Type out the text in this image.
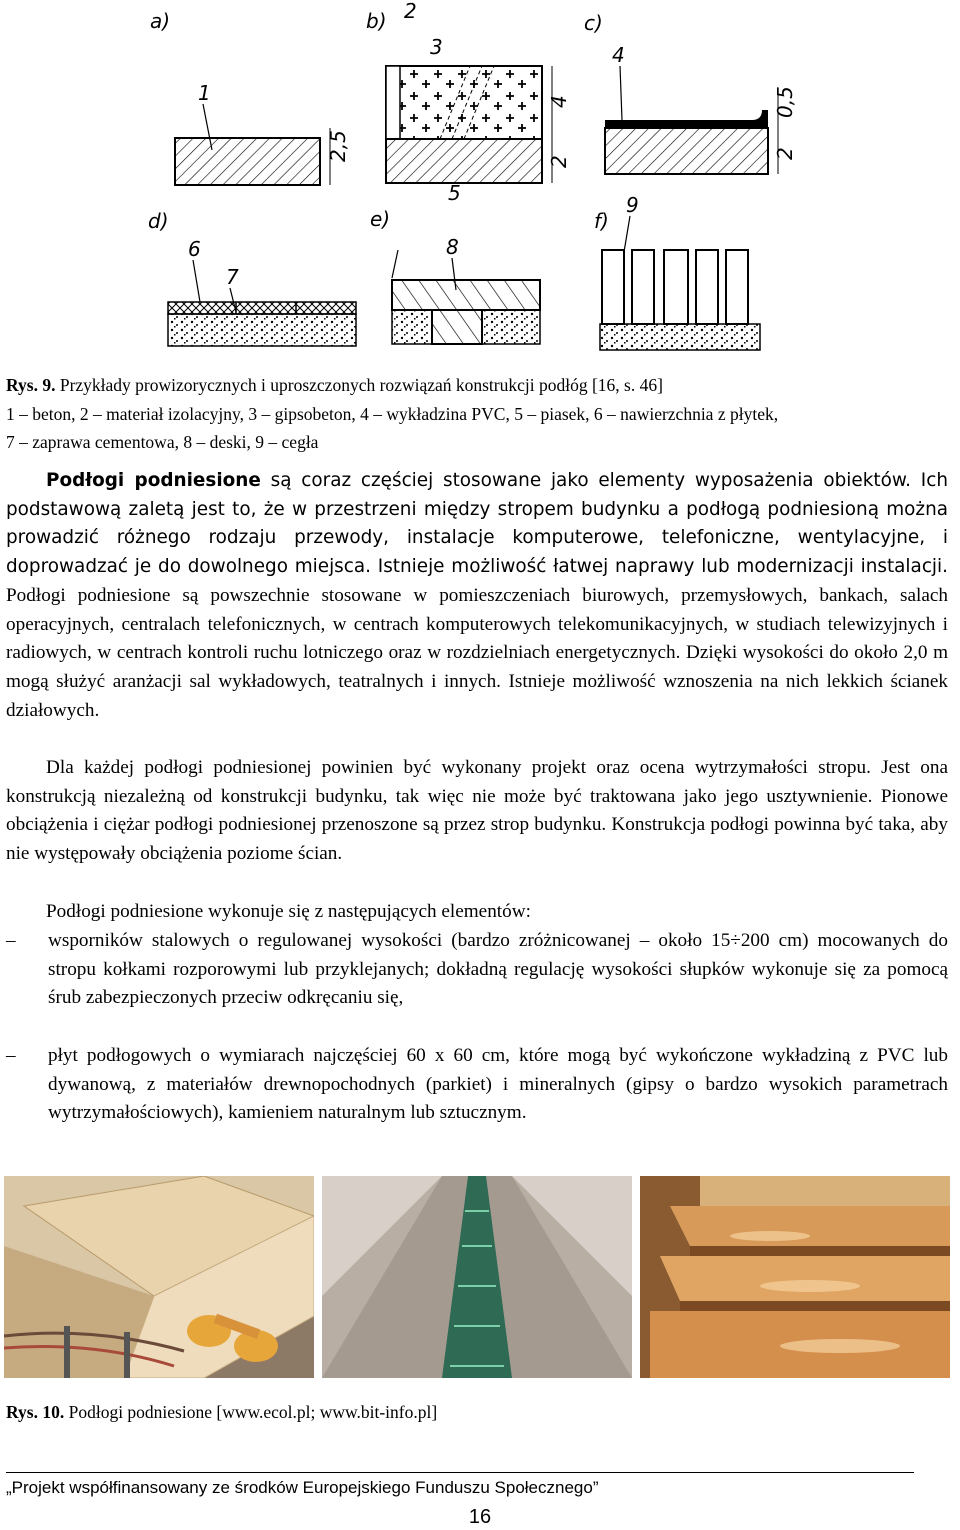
a)
1
2,5
b) 2
3
4
2
c)
4
0,5
2
d)
6
7
e)
5
8
f)
9
Rys. 9. Przykłady prowizorycznych i uproszczonych rozwiązań konstrukcji podłóg [16, s. 46]
1 – beton, 2 – materiał izolacyjny, 3 – gipsobeton, 4 – wykładzina PVC, 5 – piasek, 6 – nawierzchnia z płytek,
7 – zaprawa cementowa, 8 – deski, 9 – cegła

Podłogi podniesione są coraz częściej stosowane jako elementy wyposażenia obiektów. Ich podstawową zaletą jest to, że w przestrzeni między stropem budynku a podłogą podniesioną można prowadzić różnego rodzaju przewody, instalacje komputerowe, telefoniczne, wentylacyjne, i doprowadzać je do dowolnego miejsca. Istnieje możliwość łatwej naprawy lub modernizacji instalacji. Podłogi podniesione są powszechnie stosowane w pomieszczeniach biurowych, przemysłowych, bankach, salach operacyjnych, centralach telefonicznych, w centrach komputerowych telekomunikacyjnych, w studiach telewizyjnych i radiowych, w centrach kontroli ruchu lotniczego oraz w rozdzielniach energetycznych. Dzięki wysokości do około 2,0 m mogą służyć aranżacji sal wykładowych, teatralnych i innych. Istnieje możliwość wznoszenia na nich lekkich ścianek działowych.

Dla każdej podłogi podniesionej powinien być wykonany projekt oraz ocena wytrzymałości stropu. Jest ona konstrukcją niezależną od konstrukcji budynku, tak więc nie może być traktowana jako jego usztywnienie. Pionowe obciążenia i ciężar podłogi podniesionej przenoszone są przez strop budynku. Konstrukcja podłogi powinna być taka, aby nie występowały obciążenia poziome ścian.

Podłogi podniesione wykonuje się z następujących elementów:

–	wsporników stalowych o regulowanej wysokości (bardzo zróżnicowanej – około 15÷200 cm) mocowanych do stropu kołkami rozporowymi lub przyklejanych; dokładną regulację wysokości słupków wykonuje się za pomocą śrub zabezpieczonych przeciw odkręcaniu się,
–	płyt podłogowych o wymiarach najczęściej 60 x 60 cm, które mogą być wykończone wykładziną z PVC lub dywanową, z materiałów drewnopochodnych (parkiet) i mineralnych (gipsy o bardzo wysokich parametrach wytrzymałościowych), kamieniem naturalnym lub sztucznym.
Rys. 10. Podłogi podniesione [www.ecol.pl; www.bit-info.pl]
„Projekt współfinansowany ze środków Europejskiego Funduszu Społecznego”
16
